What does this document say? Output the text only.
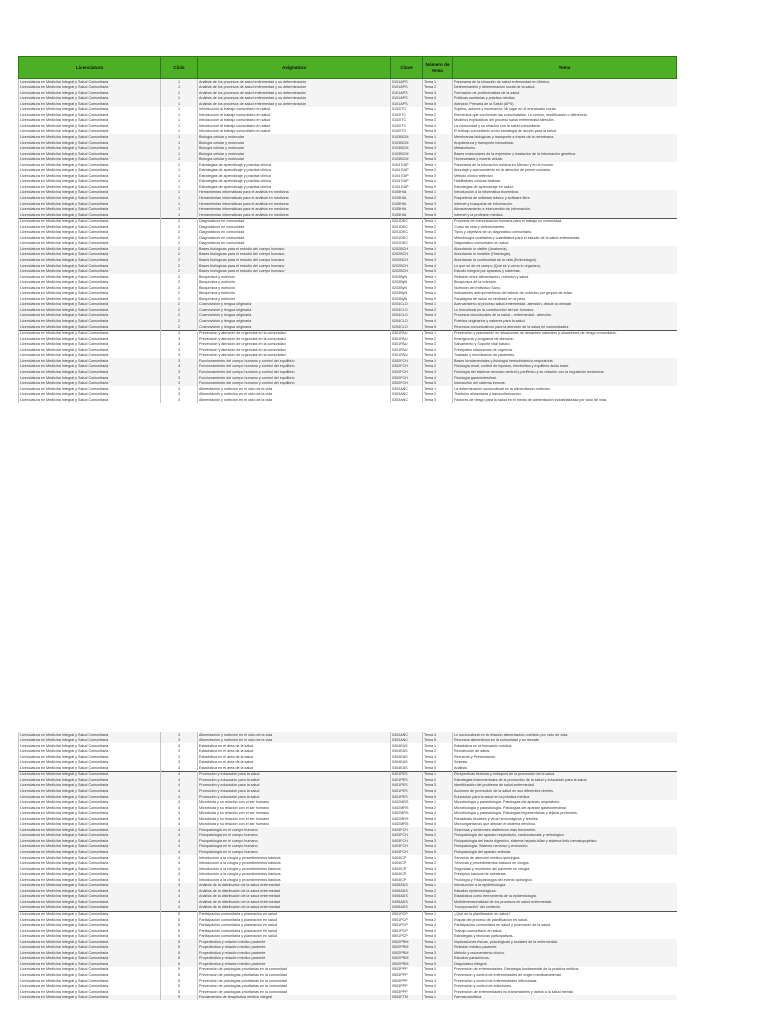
Licenciatura	Ciclo	Asignatura	Clave	Número de tema	Tema
Licenciatura en Medicina Integral y Salud Comunitaria	1	Análisis de los procesos de salud enfermedad y su determinación	0101APS	Tema 1	Panorama de la situación de salud enfermedad en México.
Licenciatura en Medicina Integral y Salud Comunitaria	1	Análisis de los procesos de salud enfermedad y su determinación	0101APS	Tema 2	Determinantes y determinación social de la salud.
Licenciatura en Medicina Integral y Salud Comunitaria	1	Análisis de los procesos de salud enfermedad y su determinación	0101APS	Tema 3	Formación de profesionistas de la salud.
Licenciatura en Medicina Integral y Salud Comunitaria	1	Análisis de los procesos de salud enfermedad y su determinación	0101APS	Tema 4	Políticas sanitarias y práctica médica.
Licenciatura en Medicina Integral y Salud Comunitaria	1	Análisis de los procesos de salud enfermedad y su determinación	0101APS	Tema 5	Atención Primaria de la Salud (APS).
Licenciatura en Medicina Integral y Salud Comunitaria	1	Introducción al trabajo comunitario en salud	0102ITC	Tema 1	Sujetos, actores y escenarios: Mi lugar en el entramado social.
Licenciatura en Medicina Integral y Salud Comunitaria	1	Introducción al trabajo comunitario en salud	0102ITC	Tema 2	Elementos que conforman las comunidades. Lo común, modificación o diferencia.
Licenciatura en Medicina Integral y Salud Comunitaria	1	Introducción al trabajo comunitario en salud	0102ITC	Tema 3	Modelos explicativos del proceso salud enfermedad atención.
Licenciatura en Medicina Integral y Salud Comunitaria	1	Introducción al trabajo comunitario en salud	0102ITC	Tema 4	La comunidad y su relación con la salud comunitaria.
Licenciatura en Medicina Integral y Salud Comunitaria	1	Introducción al trabajo comunitario en salud	0102ITC	Tema 5	El trabajo comunitario como estrategia de acción para la salud.
Licenciatura en Medicina Integral y Salud Comunitaria	1	Biología celular y molecular	0103BCM	Tema 1	Membranas biológicas y transporte a través de la membrana.
Licenciatura en Medicina Integral y Salud Comunitaria	1	Biología celular y molecular	0103BCM	Tema 2	Arquitectura y transporte intracelular.
Licenciatura en Medicina Integral y Salud Comunitaria	1	Biología celular y molecular	0103BCM	Tema 3	Metabolismo.
Licenciatura en Medicina Integral y Salud Comunitaria	1	Biología celular y molecular	0103BCM	Tema 4	Bases moleculares de la expresión y traslación de la información genética.
Licenciatura en Medicina Integral y Salud Comunitaria	1	Biología celular y molecular	0103BCM	Tema 5	Homeostasis y muerte celular.
Licenciatura en Medicina Integral y Salud Comunitaria	1	Estrategias de aprendizaje y práctica clínica	0104 EAP	Tema 1	Panorama de la educación médica en México y en el mundo.
Licenciatura en Medicina Integral y Salud Comunitaria	1	Estrategias de aprendizaje y práctica clínica	0104 EAP	Tema 2	Abordaje y acercamiento en la atención de primer contacto.
Licenciatura en Medicina Integral y Salud Comunitaria	1	Estrategias de aprendizaje y práctica clínica	0104 EAP	Tema 3	Método clínico reflexivo.
Licenciatura en Medicina Integral y Salud Comunitaria	1	Estrategias de aprendizaje y práctica clínica	0104 EAP	Tema 4	Habilidades clínicas básicas.
Licenciatura en Medicina Integral y Salud Comunitaria	1	Estrategias de aprendizaje y práctica clínica	0104 EAP	Tema 5	Estrategias de aprendizaje en salud.
Licenciatura en Medicina Integral y Salud Comunitaria	1	Herramientas informáticas para el análisis en medicina	0105HIA	Tema 1	Introducción a la informática biomédica.
Licenciatura en Medicina Integral y Salud Comunitaria	1	Herramientas informáticas para el análisis en medicina	0105HIA	Tema 2	Paquetería de software básico y software libre.
Licenciatura en Medicina Integral y Salud Comunitaria	1	Herramientas informáticas para el análisis en medicina	0105HIA	Tema 3	Internet y búsqueda de información.
Licenciatura en Medicina Integral y Salud Comunitaria	1	Herramientas informáticas para el análisis en medicina	0105HIA	Tema 4	Almacenamiento e intercambio de información.
Licenciatura en Medicina Integral y Salud Comunitaria	1	Herramientas informáticas para el análisis en medicina	0105HIA	Tema 5	Internet y la profesión médica.
Licenciatura en Medicina Integral y Salud Comunitaria	2	Diagnósticos en comunidad	0201DEC	Tema 1	Procesos de comunicación humana para el trabajo en comunidad.
Licenciatura en Medicina Integral y Salud Comunitaria	2	Diagnósticos en comunidad	0201DEC	Tema 2	Curso de vida y determinantes.
Licenciatura en Medicina Integral y Salud Comunitaria	2	Diagnósticos en comunidad	0201DEC	Tema 3	Tipos y objetivos de un diagnóstico comunitario.
Licenciatura en Medicina Integral y Salud Comunitaria	2	Diagnósticos en comunidad	0201DEC	Tema 4	Metodología cualitativa y cuantitativa para el estudio de la salud-enfermedad.
Licenciatura en Medicina Integral y Salud Comunitaria	2	Diagnósticos en comunidad	0201DEC	Tema 5	Diagnóstico comunitario en salud.
Licenciatura en Medicina Integral y Salud Comunitaria	2	Bases biológicas para el estudio del cuerpo humano	0202BCH	Tema 1	Abordando lo visible (Anatomía).
Licenciatura en Medicina Integral y Salud Comunitaria	2	Bases biológicas para el estudio del cuerpo humano	0202BCH	Tema 2	Abordando lo invisible (Histología).
Licenciatura en Medicina Integral y Salud Comunitaria	2	Bases biológicas para el estudio del cuerpo humano	0202BCH	Tema 3	Abordando la continuidad de la vida (Embriología).
Licenciatura en Medicina Integral y Salud Comunitaria	2	Bases biológicas para el estudio del cuerpo humano	0202BCH	Tema 4	Lo que sé de mi cuerpo (Qué sé y cómo lo organizo).
Licenciatura en Medicina Integral y Salud Comunitaria	2	Bases biológicas para el estudio del cuerpo humano	0202BCH	Tema 5	Estudio integral por aparatos y sistemas.
Licenciatura en Medicina Integral y Salud Comunitaria	2	Bioquímica y nutrición	0203ByN	Tema 1	Relación entre alimentación, nutrición y salud.
Licenciatura en Medicina Integral y Salud Comunitaria	2	Bioquímica y nutrición	0203ByN	Tema 2	Bioquímica de la nutrición.
Licenciatura en Medicina Integral y Salud Comunitaria	2	Bioquímica y nutrición	0203ByN	Tema 3	Nutrición del Individuo Sano.
Licenciatura en Medicina Integral y Salud Comunitaria	2	Bioquímica y nutrición	0203ByN	Tema 4	Indicadores antropométricos del estado de nutrición por grupos de edad.
Licenciatura en Medicina Integral y Salud Comunitaria	2	Bioquímica y nutrición	0203ByN	Tema 5	Paradigma de salud no centrado en el peso.
Licenciatura en Medicina Integral y Salud Comunitaria	2	Cosmovisión y lengua originaria	0204CLO	Tema 1	Acercamiento al proceso salud-enfermedad -atención, desde la otredad
Licenciatura en Medicina Integral y Salud Comunitaria	2	Cosmovisión y lengua originaria	0204CLO	Tema 2	Lo biocultural en la construcción del ser humano.
Licenciatura en Medicina Integral y Salud Comunitaria	2	Cosmovisión y lengua originaria	0204CLO	Tema 3	Procesos bioculturales de la salud – enfermedad - atención.
Licenciatura en Medicina Integral y Salud Comunitaria	2	Cosmovisión y lengua originaria	0204CLO	Tema 4	Pueblos originarios y saberes para la salud.
Licenciatura en Medicina Integral y Salud Comunitaria	2	Cosmovisión y lengua originaria	0204CLO	Tema 5	Recursos comunicativos para la atención de la salud en comunidades.
Licenciatura en Medicina Integral y Salud Comunitaria	3	Prevención y atención de urgencias en la comunidad	0301PAU	Tema 1	Prevención y planeación en situaciones de desastres naturales y situaciones de riesgo comunitario.
Licenciatura en Medicina Integral y Salud Comunitaria	3	Prevención y atención de urgencias en la comunidad	0301PAU	Tema 2	Emergencia y programa de atención.
Licenciatura en Medicina Integral y Salud Comunitaria	3	Prevención y atención de urgencias en la comunidad	0301PAU	Tema 3	Salvamento y Soporte vital básico.
Licenciatura en Medicina Integral y Salud Comunitaria	3	Prevención y atención de urgencias en la comunidad	0301PAU	Tema 4	Principales situaciones de urgencia.
Licenciatura en Medicina Integral y Salud Comunitaria	3	Prevención y atención de urgencias en la comunidad	0301PAU	Tema 5	Traslado y movilización de pacientes.
Licenciatura en Medicina Integral y Salud Comunitaria	3	Funcionamiento del cuerpo humano y control del equilibrio	0302FCH	Tema 1	Bases fundamentales y fisiología hemodinámico-respiratoria.
Licenciatura en Medicina Integral y Salud Comunitaria	3	Funcionamiento del cuerpo humano y control del equilibrio	0302FCH	Tema 2	Fisiología renal, control de líquidos, electrolitos y equilibrio ácido base.
Licenciatura en Medicina Integral y Salud Comunitaria	3	Funcionamiento del cuerpo humano y control del equilibrio	0302FCH	Tema 3	Fisiología del sistema nervioso central y periférico y su relación con la regulación endócrina.
Licenciatura en Medicina Integral y Salud Comunitaria	3	Funcionamiento del cuerpo humano y control del equilibrio	0302FCH	Tema 4	Fisiología gastrointestinal.
Licenciatura en Medicina Integral y Salud Comunitaria	3	Funcionamiento del cuerpo humano y control del equilibrio	0302FCH	Tema 5	Interacción del sistema inmune.
Licenciatura en Medicina Integral y Salud Comunitaria	3	Alimentación y nutrición en el ciclo de la vida	0303ANC	Tema 1	La determinación sociocultural en la alimentación-nutrición.
Licenciatura en Medicina Integral y Salud Comunitaria	3	Alimentación y nutrición en el ciclo de la vida	0303ANC	Tema 2	Tradición alimentaria y transculturización.
Licenciatura en Medicina Integral y Salud Comunitaria	3	Alimentación y nutrición en el ciclo de la vida	0303ANC	Tema 3	Factores de riesgo para la salud en el medio de alimentación industrializada por ciclo de vida.
Licenciatura en Medicina Integral y Salud Comunitaria	3	Alimentación y nutrición en el ciclo de la vida	0303ANC	Tema 4	Lo sociocultural en la relación alimentación-nutrición por ciclo de vida.
Licenciatura en Medicina Integral y Salud Comunitaria	3	Alimentación y nutrición en el ciclo de la vida	0303ANC	Tema 5	Recursos alimenticios en la comunidad y su rescate.
Licenciatura en Medicina Integral y Salud Comunitaria	3	Estadística en el área de la salud	0304EAS	Tema 1	Estadística en la formación médica.
Licenciatura en Medicina Integral y Salud Comunitaria	3	Estadística en el área de la salud	0304EAS	Tema 2	Recolección de datos.
Licenciatura en Medicina Integral y Salud Comunitaria	3	Estadística en el área de la salud	0304EAS	Tema 3	Recuento y Presentación.
Licenciatura en Medicina Integral y Salud Comunitaria	3	Estadística en el área de la salud	0304EAS	Tema 4	Síntesis.
Licenciatura en Medicina Integral y Salud Comunitaria	3	Estadística en el área de la salud	0304EAS	Tema 5	Análisis.
Licenciatura en Medicina Integral y Salud Comunitaria	4	Promoción y educación para la salud	0401PES	Tema 1	Perspectivas teóricas y enfoques de la promoción de la salud.
Licenciatura en Medicina Integral y Salud Comunitaria	4	Promoción y educación para la salud	0401PES	Tema 2	Estrategias instrumentales de la promoción de la salud y educación para la salud.
Licenciatura en Medicina Integral y Salud Comunitaria	4	Promoción y educación para la salud	0401PES	Tema 3	Identificación del problema de salud-enfermedad.
Licenciatura en Medicina Integral y Salud Comunitaria	4	Promoción y educación para la salud	0401PES	Tema 4	Acciones de promoción de la salud en sus diferentes niveles.
Licenciatura en Medicina Integral y Salud Comunitaria	4	Promoción y educación para la salud	0401PES	Tema 5	Educación para la salud en la práctica médica.
Licenciatura en Medicina Integral y Salud Comunitaria	4	Microbiota y su relación con el ser humano	0402MRS	Tema 1	Microbiología y parasitología. Patologías del aparato respiratorio.
Licenciatura en Medicina Integral y Salud Comunitaria	4	Microbiota y su relación con el ser humano	0402MRS	Tema 2	Microbiología y parasitología. Patologías del aparato gastrointestinal.
Licenciatura en Medicina Integral y Salud Comunitaria	4	Microbiota y su relación con el ser humano	0402MRS	Tema 3	Microbiología y parasitología. Patologías tegumentarias y tejidos profundos.
Licenciatura en Medicina Integral y Salud Comunitaria	4	Microbiota y su relación con el ser humano	0402MRS	Tema 4	Parasitosis tisulares y virus hemorrágicos y febriles.
Licenciatura en Medicina Integral y Salud Comunitaria	4	Microbiota y su relación con el ser humano	0402MRS	Tema 5	Microorganismos que afectan el sistema nervioso.
Licenciatura en Medicina Integral y Salud Comunitaria	4	Fisiopatología en el cuerpo humano	0403FCH	Tema 1	Síntomas y síndromes sistémicos más frecuentes.
Licenciatura en Medicina Integral y Salud Comunitaria	4	Fisiopatología en el cuerpo humano	0403FCH	Tema 2	Fisiopatología del aparato respiratorio, cardiovascular y nefrológico.
Licenciatura en Medicina Integral y Salud Comunitaria	4	Fisiopatología en el cuerpo humano	0403FCH	Tema 3	Fisiopatología del tracto digestivo, sistema hepato-biliar y sistema linfo-hematopoyético.
Licenciatura en Medicina Integral y Salud Comunitaria	4	Fisiopatología en el cuerpo humano	0403FCH	Tema 4	Fisiopatología. Sistema nervioso y endocrino.
Licenciatura en Medicina Integral y Salud Comunitaria	4	Fisiopatología en el cuerpo humano	0403FCH	Tema 5	Fisiopatología del aparato articular.
Licenciatura en Medicina Integral y Salud Comunitaria	4	Introducción a la cirugía y procedimientos básicos	0404ICP	Tema 1	Servicios de atención médico-quirúrgica.
Licenciatura en Medicina Integral y Salud Comunitaria	4	Introducción a la cirugía y procedimientos básicos	0404ICP	Tema 2	Técnicas y procedimientos básicos en cirugía.
Licenciatura en Medicina Integral y Salud Comunitaria	4	Introducción a la cirugía y procedimientos básicos	0404ICP	Tema 3	Seguridad y monitoreo del paciente en cirugía.
Licenciatura en Medicina Integral y Salud Comunitaria	4	Introducción a la cirugía y procedimientos básicos	0404ICP	Tema 4	Principios básicos de anestesia.
Licenciatura en Medicina Integral y Salud Comunitaria	4	Introducción a la cirugía y procedimientos básicos	0404ICP	Tema 5	Fisiología y Fisiopatología del evento quirúrgico.
Licenciatura en Medicina Integral y Salud Comunitaria	4	Análisis de la distribución de la salud enfermedad	0405ADS	Tema 1	Introducción a la epidemiología.
Licenciatura en Medicina Integral y Salud Comunitaria	4	Análisis de la distribución de la salud enfermedad	0405ADS	Tema 2	Estudios epidemiológicos.
Licenciatura en Medicina Integral y Salud Comunitaria	4	Análisis de la distribución de la salud enfermedad	0405ADS	Tema 3	Estadística como herramienta de la epidemiología.
Licenciatura en Medicina Integral y Salud Comunitaria	4	Análisis de la distribución de la salud enfermedad	0405ADS	Tema 4	Multidimensionalidad de los procesos de salud enfermedad.
Licenciatura en Medicina Integral y Salud Comunitaria	4	Análisis de la distribución de la salud enfermedad	0405ADS	Tema 5	"Incorporación" del contexto.
Licenciatura en Medicina Integral y Salud Comunitaria	5	Participación comunitaria y planeación en salud	0501PCP	Tema 1	¿Qué es la planificación en salud?
Licenciatura en Medicina Integral y Salud Comunitaria	5	Participación comunitaria y planeación en salud	0501PCP	Tema 2	Etapas del proceso de planificación en salud.
Licenciatura en Medicina Integral y Salud Comunitaria	5	Participación comunitaria y planeación en salud	0501PCP	Tema 3	Participación comunitaria en salud y promoción de la salud.
Licenciatura en Medicina Integral y Salud Comunitaria	5	Participación comunitaria y planeación en salud	0501PCP	Tema 4	Trabajo comunitario en salud.
Licenciatura en Medicina Integral y Salud Comunitaria	5	Participación comunitaria y planeación en salud	0501PCP	Tema 5	Estrategias y técnicas participativas.
Licenciatura en Medicina Integral y Salud Comunitaria	5	Propedéutica y relación médico paciente	0502PRM	Tema 1	Implicaciones físicas, psicológicas y sociales de la enfermedad.
Licenciatura en Medicina Integral y Salud Comunitaria	5	Propedéutica y relación médico paciente	0502PRM	Tema 2	Relación médico-paciente.
Licenciatura en Medicina Integral y Salud Comunitaria	5	Propedéutica y relación médico paciente	0502PRM	Tema 3	Método y razonamiento clínico.
Licenciatura en Medicina Integral y Salud Comunitaria	5	Propedéutica y relación médico paciente	0502PRM	Tema 4	Estudios paraclínicos.
Licenciatura en Medicina Integral y Salud Comunitaria	5	Propedéutica y relación médico paciente	0502PRM	Tema 5	Diagnóstico integral.
Licenciatura en Medicina Integral y Salud Comunitaria	5	Prevención de patologías prioritarias en la comunidad	0503PPP	Tema 1	Prevención de enfermedades. Estrategia fundamental de la práctica médica.
Licenciatura en Medicina Integral y Salud Comunitaria	5	Prevención de patologías prioritarias en la comunidad	0503PPP	Tema 2	Prevención y control de enfermedades de origen medioambiental.
Licenciatura en Medicina Integral y Salud Comunitaria	5	Prevención de patologías prioritarias en la comunidad	0503PPP	Tema 3	Prevención y control de enfermedades infecciosas.
Licenciatura en Medicina Integral y Salud Comunitaria	5	Prevención de patologías prioritarias en la comunidad	0503PPP	Tema 4	Prevención y control de adicciones.
Licenciatura en Medicina Integral y Salud Comunitaria	5	Prevención de patologías prioritarias en la comunidad	0503PPP	Tema 5	Prevención de enfermedades no transmisibles y daños a la salud mental.
Licenciatura en Medicina Integral y Salud Comunitaria	5	Fundamentos de terapéutica médica integral	0504FTM	Tema 1	Farmacocinética.
